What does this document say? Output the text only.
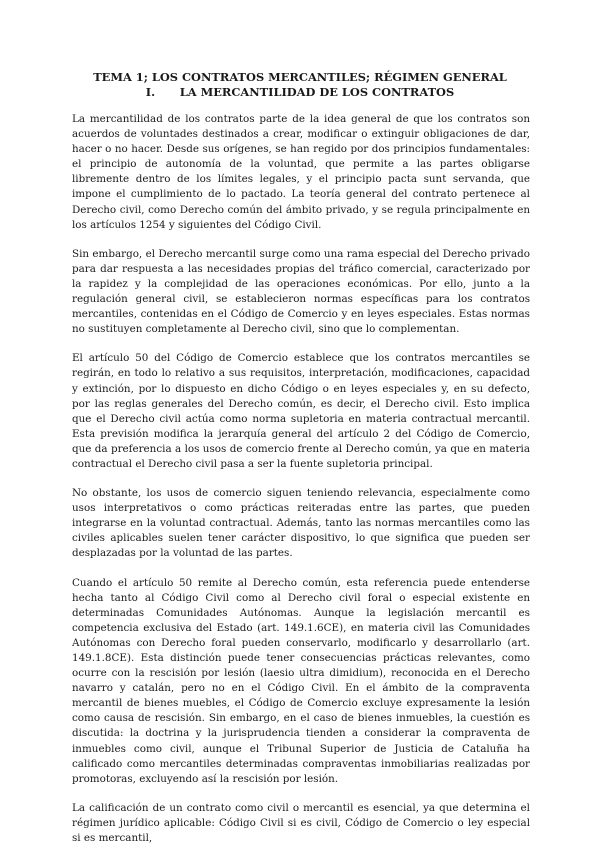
TEMA 1; LOS CONTRATOS MERCANTILES; RÉGIMEN GENERAL
I. LA MERCANTILIDAD DE LOS CONTRATOS

La mercantilidad de los contratos parte de la idea general de que los contratos son acuerdos de voluntades destinados a crear, modificar o extinguir obligaciones de dar, hacer o no hacer. Desde sus orígenes, se han regido por dos principios fundamentales: el principio de autonomía de la voluntad, que permite a las partes obligarse libremente dentro de los límites legales, y el principio pacta sunt servanda, que impone el cumplimiento de lo pactado. La teoría general del contrato pertenece al Derecho civil, como Derecho común del ámbito privado, y se regula principalmente en los artículos 1254 y siguientes del Código Civil.

Sin embargo, el Derecho mercantil surge como una rama especial del Derecho privado para dar respuesta a las necesidades propias del tráfico comercial, caracterizado por la rapidez y la complejidad de las operaciones económicas. Por ello, junto a la regulación general civil, se establecieron normas específicas para los contratos mercantiles, contenidas en el Código de Comercio y en leyes especiales. Estas normas no sustituyen completamente al Derecho civil, sino que lo complementan.

El artículo 50 del Código de Comercio establece que los contratos mercantiles se regirán, en todo lo relativo a sus requisitos, interpretación, modificaciones, capacidad y extinción, por lo dispuesto en dicho Código o en leyes especiales y, en su defecto, por las reglas generales del Derecho común, es decir, el Derecho civil. Esto implica que el Derecho civil actúa como norma supletoria en materia contractual mercantil. Esta previsión modifica la jerarquía general del artículo 2 del Código de Comercio, que da preferencia a los usos de comercio frente al Derecho común, ya que en materia contractual el Derecho civil pasa a ser la fuente supletoria principal.

No obstante, los usos de comercio siguen teniendo relevancia, especialmente como usos interpretativos o como prácticas reiteradas entre las partes, que pueden integrarse en la voluntad contractual. Además, tanto las normas mercantiles como las civiles aplicables suelen tener carácter dispositivo, lo que significa que pueden ser desplazadas por la voluntad de las partes.

Cuando el artículo 50 remite al Derecho común, esta referencia puede entenderse hecha tanto al Código Civil como al Derecho civil foral o especial existente en determinadas Comunidades Autónomas. Aunque la legislación mercantil es competencia exclusiva del Estado (art. 149.1.6CE), en materia civil las Comunidades Autónomas con Derecho foral pueden conservarlo, modificarlo y desarrollarlo (art. 149.1.8CE). Esta distinción puede tener consecuencias prácticas relevantes, como ocurre con la rescisión por lesión (laesio ultra dimidium), reconocida en el Derecho navarro y catalán, pero no en el Código Civil. En el ámbito de la compraventa mercantil de bienes muebles, el Código de Comercio excluye expresamente la lesión como causa de rescisión. Sin embargo, en el caso de bienes inmuebles, la cuestión es discutida: la doctrina y la jurisprudencia tienden a considerar la compraventa de inmuebles como civil, aunque el Tribunal Superior de Justicia de Cataluña ha calificado como mercantiles determinadas compraventas inmobiliarias realizadas por promotoras, excluyendo así la rescisión por lesión.

La calificación de un contrato como civil o mercantil es esencial, ya que determina el régimen jurídico aplicable: Código Civil si es civil, Código de Comercio o ley especial si es mercantil,
